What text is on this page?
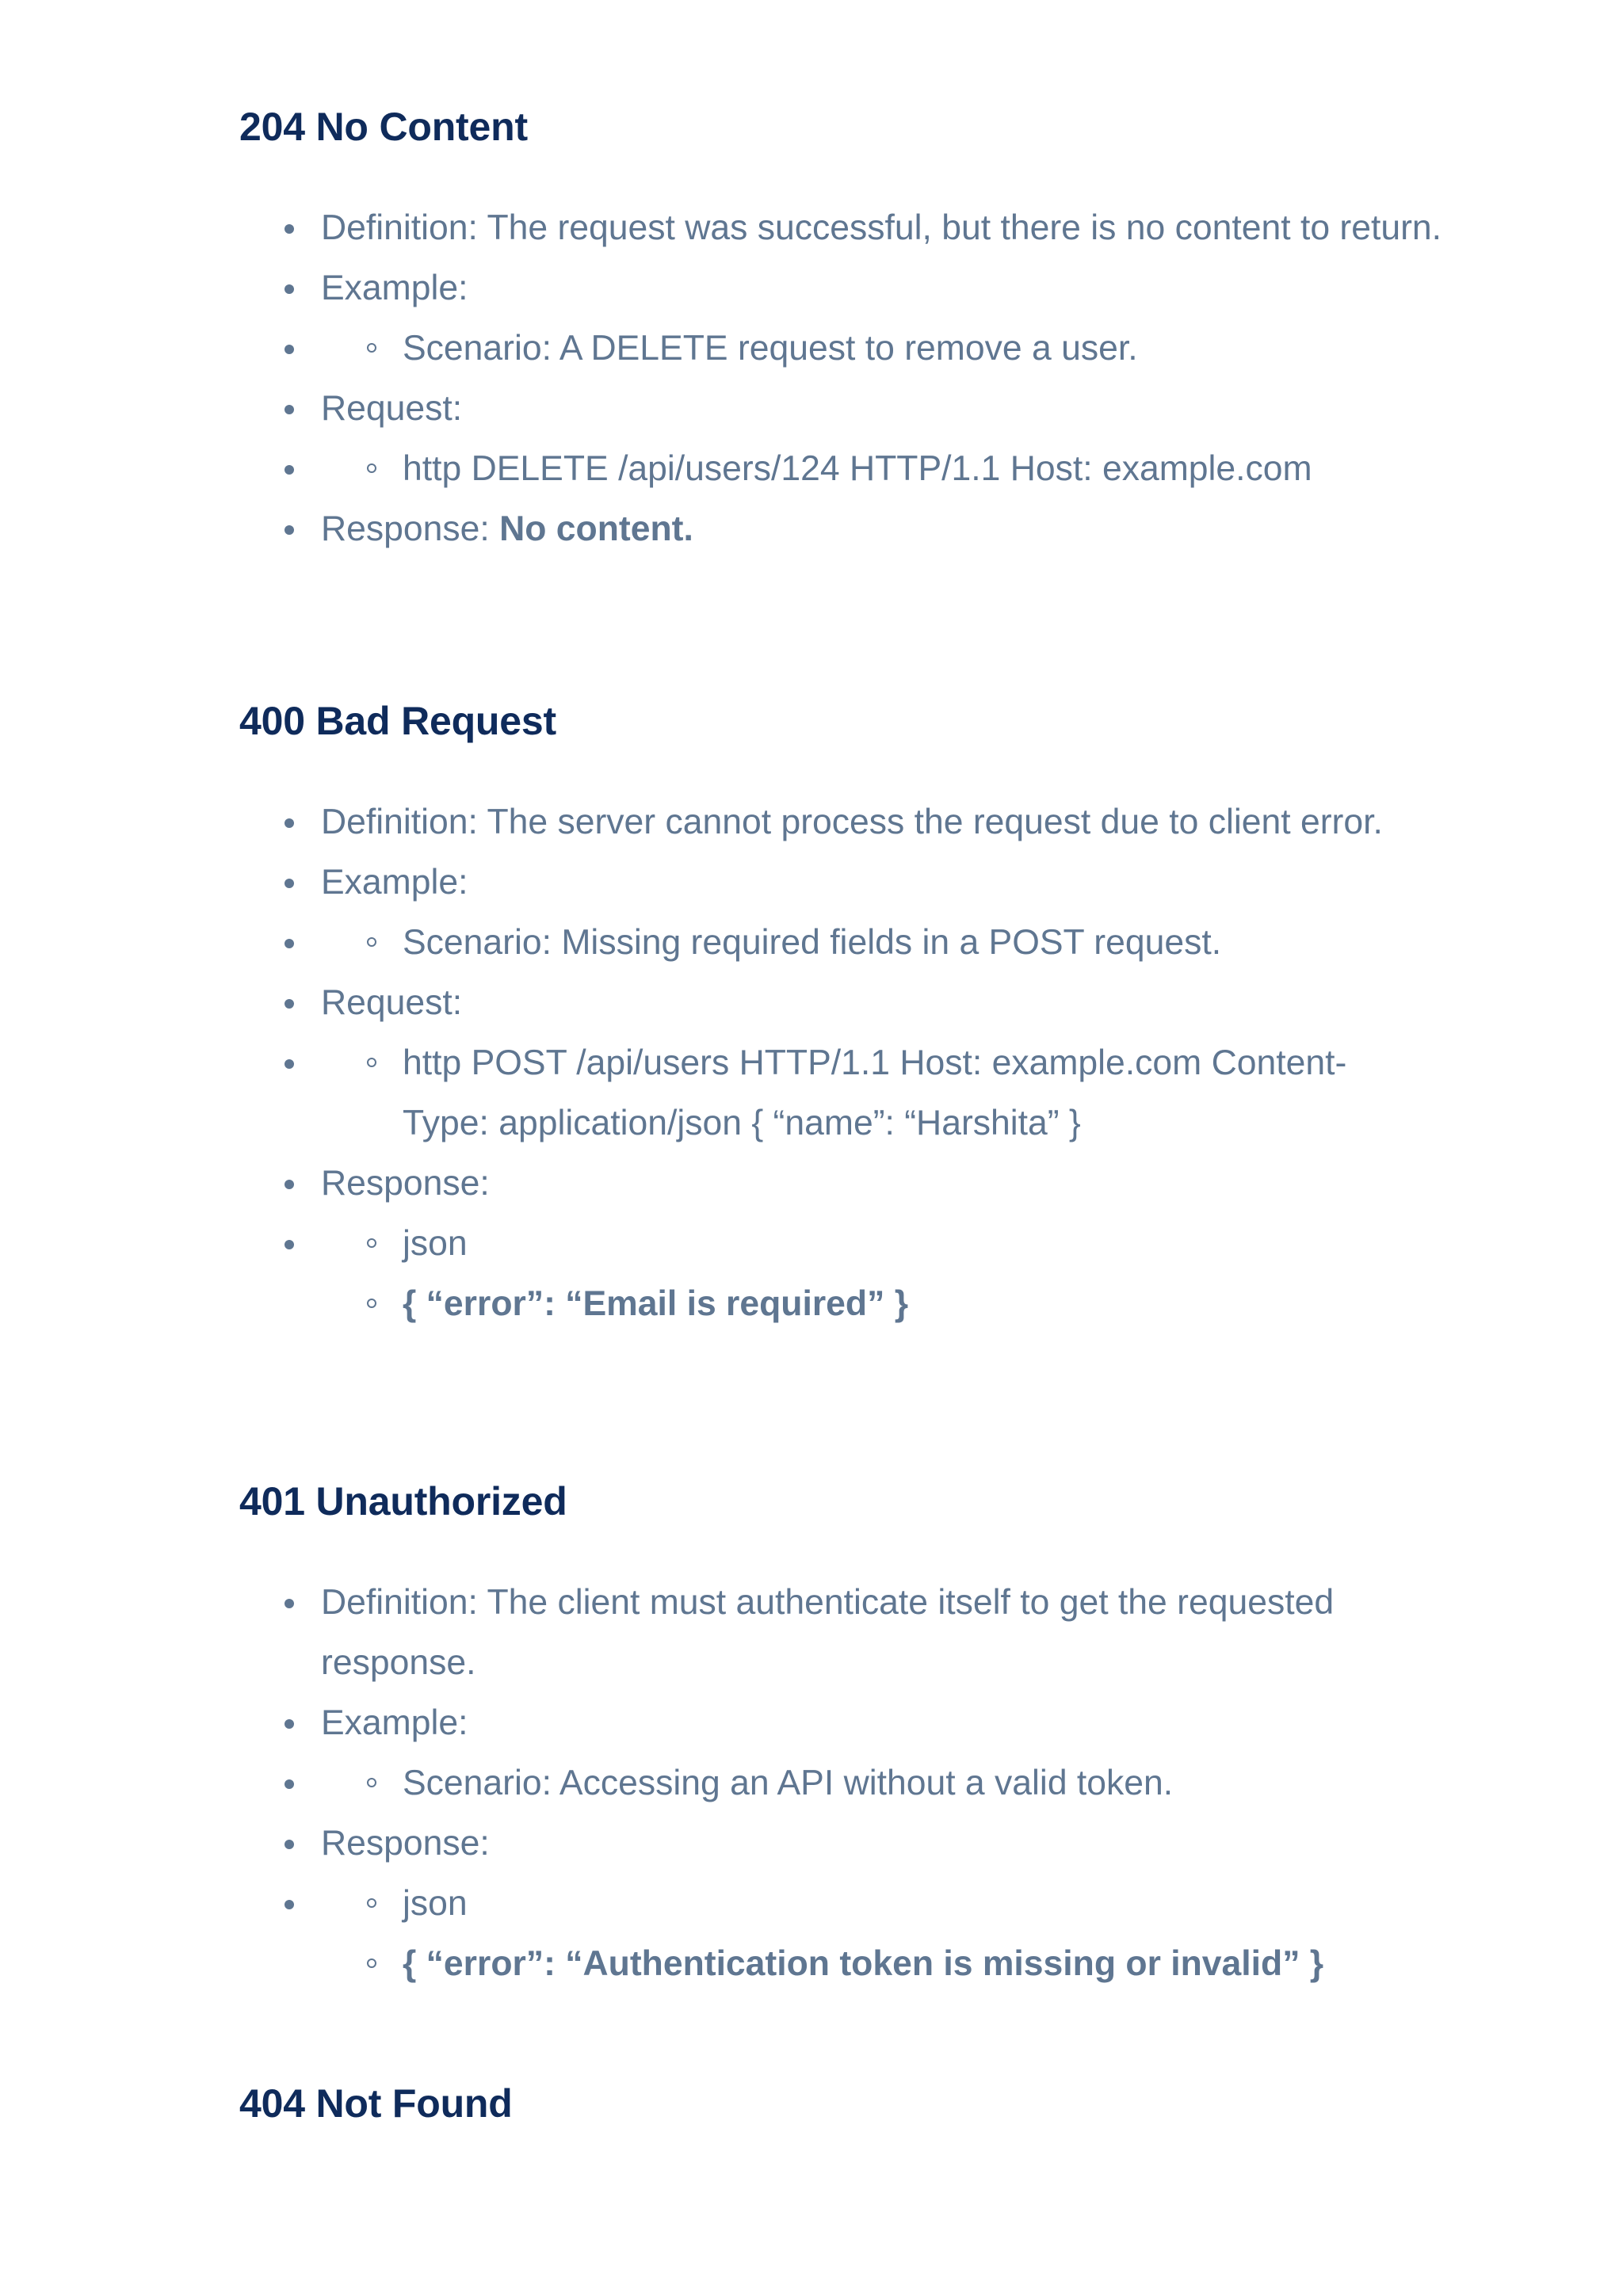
204 No Content
Definition: The request was successful, but there is no content to return.
Example:
Scenario: A DELETE request to remove a user.
Request:
http DELETE /api/users/124 HTTP/1.1 Host: example.com
Response: No content.
400 Bad Request
Definition: The server cannot process the request due to client error.
Example:
Scenario: Missing required fields in a POST request.
Request:
http POST /api/users HTTP/1.1 Host: example.com Content-Type: application/json { “name”: “Harshita” }
Response:
json
{ “error”: “Email is required” }
401 Unauthorized
Definition: The client must authenticate itself to get the requested response.
Example:
Scenario: Accessing an API without a valid token.
Response:
json
{ “error”: “Authentication token is missing or invalid” }
404 Not Found
